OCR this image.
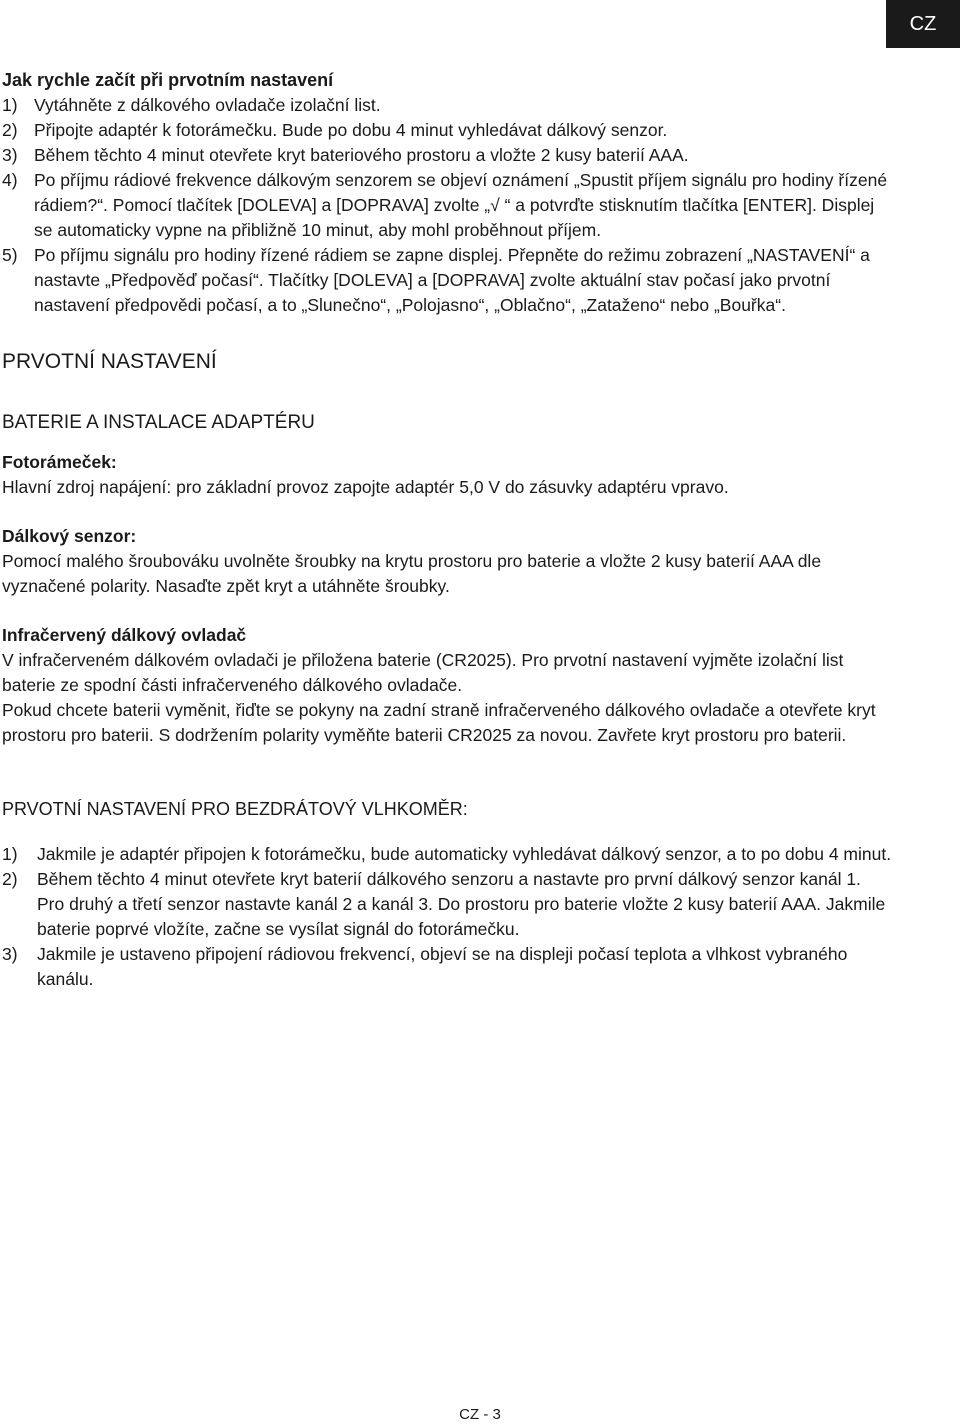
CZ
Jak rychle začít při prvotním nastavení
1) Vytáhněte z dálkového ovladače izolační list.
2) Připojte adaptér k fotorámečku. Bude po dobu 4 minut vyhledávat dálkový senzor.
3) Během těchto 4 minut otevřete kryt bateriového prostoru a vložte 2 kusy baterií AAA.
4) Po příjmu rádiové frekvence dálkovým senzorem se objeví oznámení „Spustit příjem signálu pro hodiny řízené rádiem?“. Pomocí tlačítek [DOLEVA] a [DOPRAVA] zvolte „√ “ a potvrďte stisknutím tlačítka [ENTER]. Displej se automaticky vypne na přibližně 10 minut, aby mohl proběhnout příjem.
5) Po příjmu signálu pro hodiny řízené rádiem se zapne displej. Přepněte do režimu zobrazení „NASTAVENÍ“ a nastavte „Předpověď počasí“. Tlačítky [DOLEVA] a [DOPRAVA] zvolte aktuální stav počasí jako prvotní nastavení předpovědi počasí, a to „Slunečno“, „Polojasno“, „Oblačno“, „Zataženo“ nebo „Bouřka“.
PRVOTNÍ NASTAVENÍ
BATERIE A INSTALACE ADAPTÉRU
Fotorámeček:

Hlavní zdroj napájení: pro základní provoz zapojte adaptér 5,0 V do zásuvky adaptéru vpravo.

Dálkový senzor:

Pomocí malého šroubováku uvolněte šroubky na krytu prostoru pro baterie a vložte 2 kusy baterií AAA dle vyznačené polarity. Nasaďte zpět kryt a utáhněte šroubky.

Infračervený dálkový ovladač

V infračerveném dálkovém ovladači je přiložena baterie (CR2025). Pro prvotní nastavení vyjměte izolační list baterie ze spodní části infračerveného dálkového ovladače.

Pokud chcete baterii vyměnit, řiďte se pokyny na zadní straně infračerveného dálkového ovladače a otevřete kryt prostoru pro baterii. S dodržením polarity vyměňte baterii CR2025 za novou. Zavřete kryt prostoru pro baterii.

PRVOTNÍ NASTAVENÍ PRO BEZDRÁTOVÝ VLHKOMĚR:
1) Jakmile je adaptér připojen k fotorámečku, bude automaticky vyhledávat dálkový senzor, a to po dobu 4 minut.
2) Během těchto 4 minut otevřete kryt baterií dálkového senzoru a nastavte pro první dálkový senzor kanál 1. Pro druhý a třetí senzor nastavte kanál 2 a kanál 3. Do prostoru pro baterie vložte 2 kusy baterií AAA. Jakmile baterie poprvé vložíte, začne se vysílat signál do fotorámečku.
3) Jakmile je ustaveno připojení rádiovou frekvencí, objeví se na displeji počasí teplota a vlhkost vybraného kanálu.
CZ - 3
